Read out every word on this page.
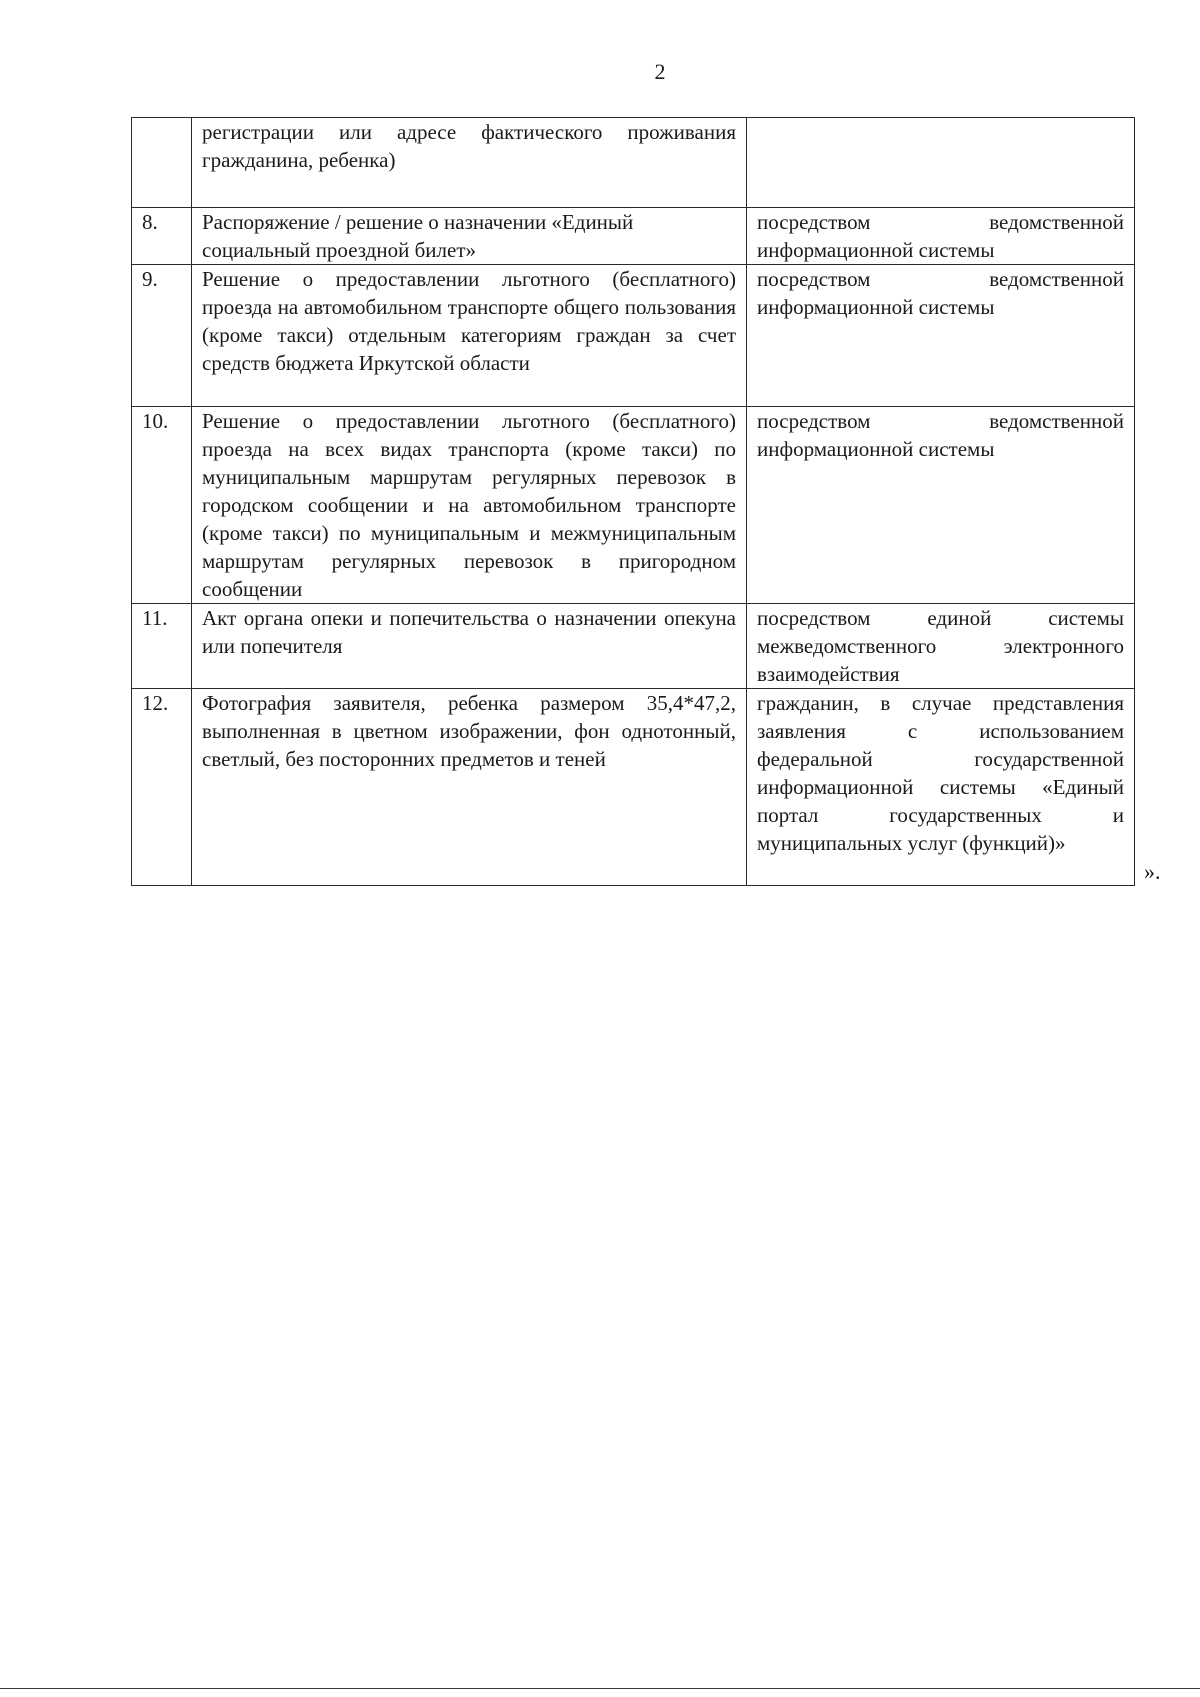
2
	регистрации или адресе фактического проживания гражданина, ребенка)	
8.	Распоряжение / решение о назначении «Единый социальный проездной билет»	посредством ведомственной информационной системы
9.	Решение о предоставлении льготного (бесплатного) проезда на автомобильном транспорте общего пользования (кроме такси) отдельным категориям граждан за счет средств бюджета Иркутской области	посредством ведомственной информационной системы
10.	Решение о предоставлении льготного (бесплатного) проезда на всех видах транспорта (кроме такси) по муниципальным маршрутам регулярных перевозок в городском сообщении и на автомобильном транспорте (кроме такси) по муниципальным и межмуниципальным маршрутам регулярных перевозок в пригородном сообщении	посредством ведомственной информационной системы
11.	Акт органа опеки и попечительства о назначении опекуна или попечителя	посредством единой системы межведомственного электронного взаимодействия
12.	Фотография заявителя, ребенка размером 35,4*47,2, выполненная в цветном изображении, фон однотонный, светлый, без посторонних предметов и теней	гражданин, в случае представления заявления с использованием федеральной государственной информационной системы «Единый портал государственных и муниципальных услуг (функций)»
».
